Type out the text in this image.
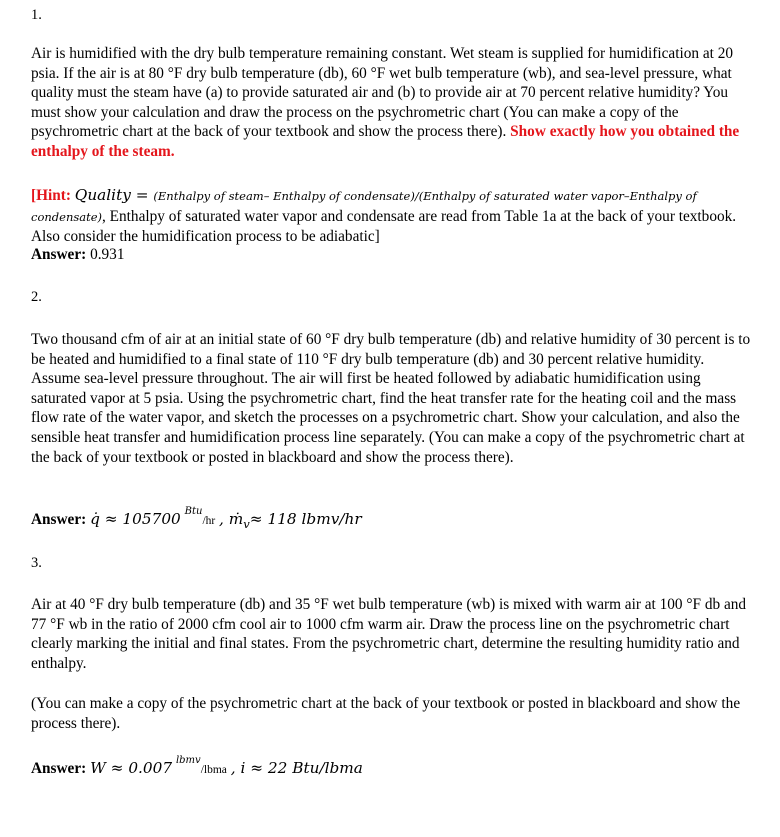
1.
Air is humidified with the dry bulb temperature remaining constant. Wet steam is supplied for humidification at 20 psia. If the air is at 80 °F dry bulb temperature (db), 60 °F wet bulb temperature (wb), and sea-level pressure, what quality must the steam have (a) to provide saturated air and (b) to provide air at 70 percent relative humidity? You must show your calculation and draw the process on the psychrometric chart (You can make a copy of the psychrometric chart at the back of your textbook and show the process there). Show exactly how you obtained the enthalpy of the steam.
[Hint: Quality = (Enthalpy of steam– Enthalpy of condensate)/(Enthalpy of saturated water vapor–Enthalpy of condensate), Enthalpy of saturated water vapor and condensate are read from Table 1a at the back of your textbook. Also consider the humidification process to be adiabatic]
Answer: 0.931
2.
Two thousand cfm of air at an initial state of 60 °F dry bulb temperature (db) and relative humidity of 30 percent is to be heated and humidified to a final state of 110 °F dry bulb temperature (db) and 30 percent relative humidity. Assume sea-level pressure throughout. The air will first be heated followed by adiabatic humidification using saturated vapor at 5 psia. Using the psychrometric chart, find the heat transfer rate for the heating coil and the mass flow rate of the water vapor, and sketch the processes on a psychrometric chart. Show your calculation, and also the sensible heat transfer and humidification process line separately. (You can make a copy of the psychrometric chart at the back of your textbook or posted in blackboard and show the process there).
Answer: q̇ ≈ 105700 $^{Btu}$/hr , $ṁ_v\approx 118$ lbmv/hr
3.
Air at 40 °F dry bulb temperature (db) and 35 °F wet bulb temperature (wb) is mixed with warm air at 100 °F db and 77 °F wb in the ratio of 2000 cfm cool air to 1000 cfm warm air. Draw the process line on the psychrometric chart clearly marking the initial and final states. From the psychrometric chart, determine the resulting humidity ratio and enthalpy.
(You can make a copy of the psychrometric chart at the back of your textbook or posted in blackboard and show the process there).
Answer: W ≈ 0.007 $^{lbmv}$/lbma , i ≈ 22 Btu/lbma
